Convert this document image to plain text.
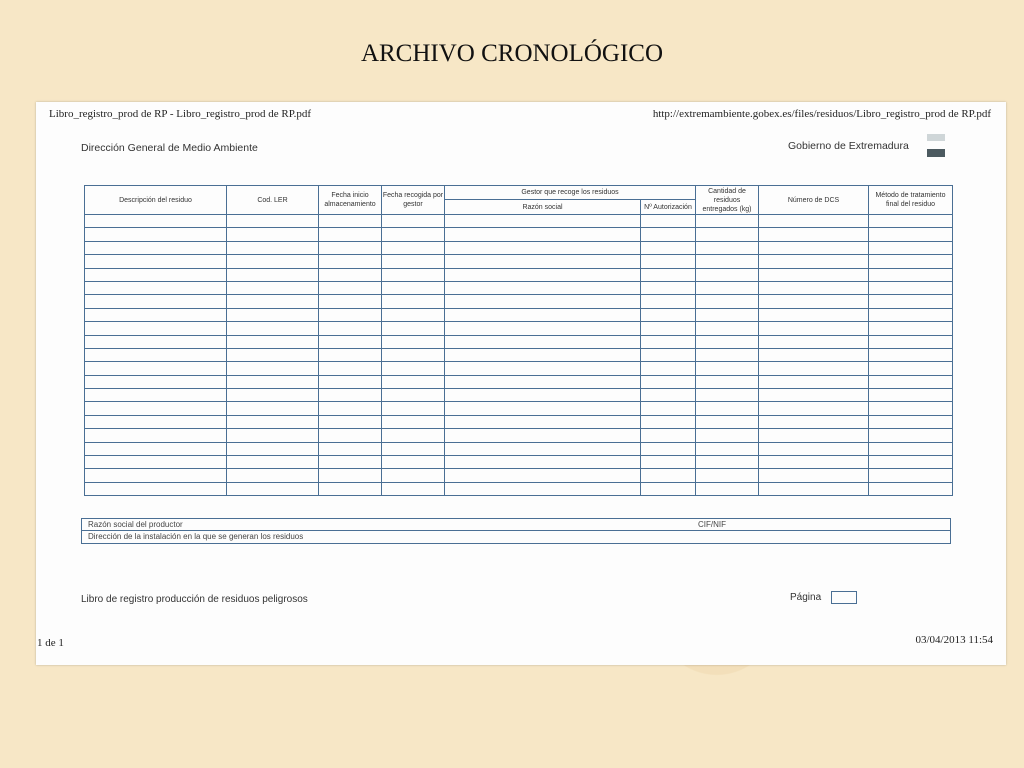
ARCHIVO CRONOLÓGICO
Libro_registro_prod de RP - Libro_registro_prod de RP.pdf	http://extremambiente.gobex.es/files/residuos/Libro_registro_prod de RP.pdf
Dirección General de Medio Ambiente	Gobierno de Extremadura
Descripción del residuo	Cod. LER	Fecha inicio almacenamiento	Fecha recogida por gestor	Gestor que recoge los residuos		Cantidad de residuos entregados (kg)	Número de DCS	Método de tratamiento final del residuo
				Razón social	Nº Autorización			

Razón social del productor	CIF/NIF
Dirección de la instalación en la que se generan los residuos
Libro de registro producción de residuos peligrosos	Página
1 de 1	03/04/2013 11:54
